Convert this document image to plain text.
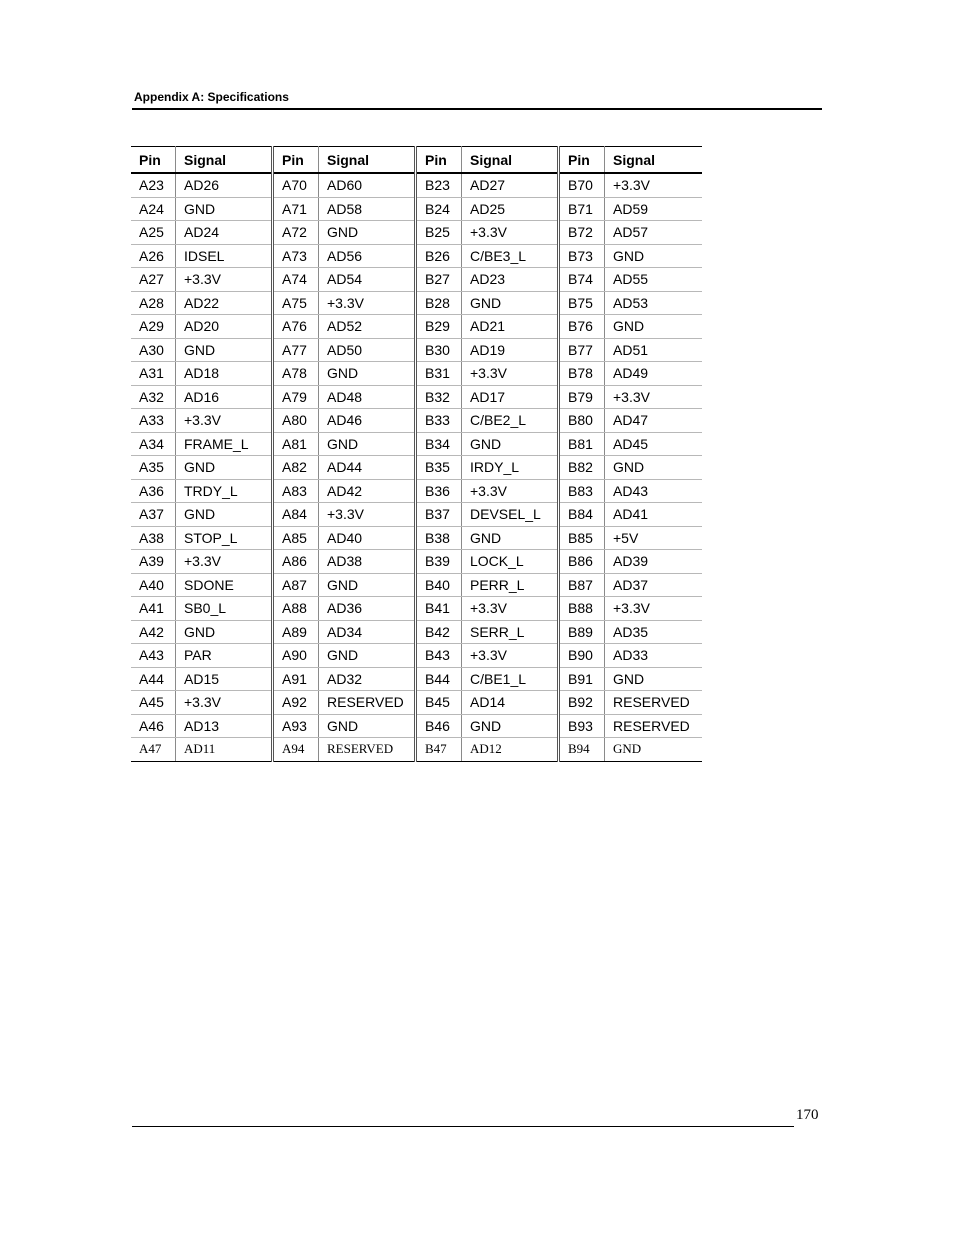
Appendix A: Specifications
Pin	Signal	Pin	Signal	Pin	Signal	Pin	Signal
A23	AD26	A70	AD60	B23	AD27	B70	+3.3V
A24	GND	A71	AD58	B24	AD25	B71	AD59
A25	AD24	A72	GND	B25	+3.3V	B72	AD57
A26	IDSEL	A73	AD56	B26	C/BE3_L	B73	GND
A27	+3.3V	A74	AD54	B27	AD23	B74	AD55
A28	AD22	A75	+3.3V	B28	GND	B75	AD53
A29	AD20	A76	AD52	B29	AD21	B76	GND
A30	GND	A77	AD50	B30	AD19	B77	AD51
A31	AD18	A78	GND	B31	+3.3V	B78	AD49
A32	AD16	A79	AD48	B32	AD17	B79	+3.3V
A33	+3.3V	A80	AD46	B33	C/BE2_L	B80	AD47
A34	FRAME_L	A81	GND	B34	GND	B81	AD45
A35	GND	A82	AD44	B35	IRDY_L	B82	GND
A36	TRDY_L	A83	AD42	B36	+3.3V	B83	AD43
A37	GND	A84	+3.3V	B37	DEVSEL_L	B84	AD41
A38	STOP_L	A85	AD40	B38	GND	B85	+5V
A39	+3.3V	A86	AD38	B39	LOCK_L	B86	AD39
A40	SDONE	A87	GND	B40	PERR_L	B87	AD37
A41	SB0_L	A88	AD36	B41	+3.3V	B88	+3.3V
A42	GND	A89	AD34	B42	SERR_L	B89	AD35
A43	PAR	A90	GND	B43	+3.3V	B90	AD33
A44	AD15	A91	AD32	B44	C/BE1_L	B91	GND
A45	+3.3V	A92	RESERVED	B45	AD14	B92	RESERVED
A46	AD13	A93	GND	B46	GND	B93	RESERVED
A47	AD11	A94	RESERVED	B47	AD12	B94	GND
170
